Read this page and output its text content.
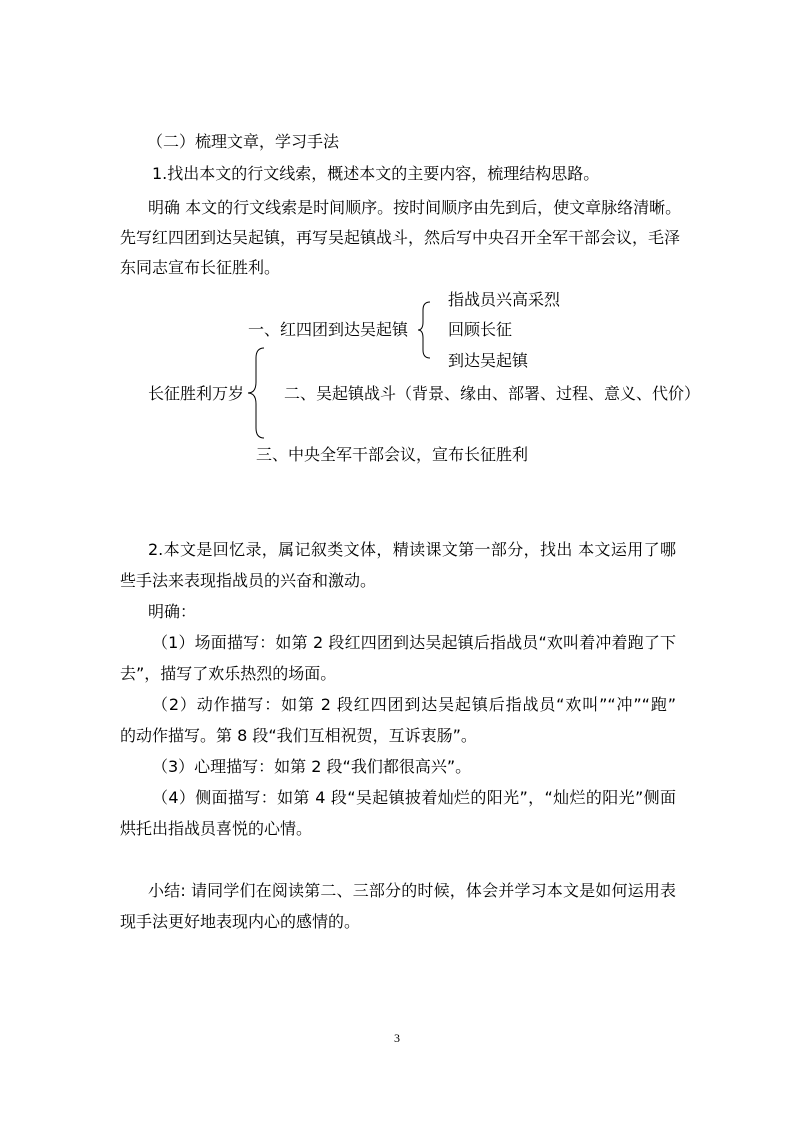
（二）梳理文章，学习手法
1.找出本文的行文线索，概述本文的主要内容，梳理结构思路。
明确 本文的行文线索是时间顺序。按时间顺序由先到后，使文章脉络清晰。
先写红四团到达吴起镇，再写吴起镇战斗，然后写中央召开全军干部会议，毛泽
东同志宣布长征胜利。
一、红四团到达吴起镇
指战员兴高采烈
回顾长征
到达吴起镇
长征胜利万岁 二、吴起镇战斗（背景、缘由、部署、过程、意义、代价）
三、中央全军干部会议，宣布长征胜利
2.本文是回忆录，属记叙类文体，精读课文第一部分，找出 本文运用了哪
些手法来表现指战员的兴奋和激动。
明确：
（1）场面描写：如第 2 段红四团到达吴起镇后指战员“欢叫着冲着跑了下
去”，描写了欢乐热烈的场面。
（2）动作描写：如第 2 段红四团到达吴起镇后指战员“欢叫”“冲”“跑”
的动作描写。第 8 段“我们互相祝贺，互诉衷肠”。
（3）心理描写：如第 2 段“我们都很高兴”。
（4）侧面描写：如第 4 段“吴起镇披着灿烂的阳光”，“灿烂的阳光”侧面
烘托出指战员喜悦的心情。
小结: 请同学们在阅读第二、三部分的时候，体会并学习本文是如何运用表
现手法更好地表现内心的感情的。
3
